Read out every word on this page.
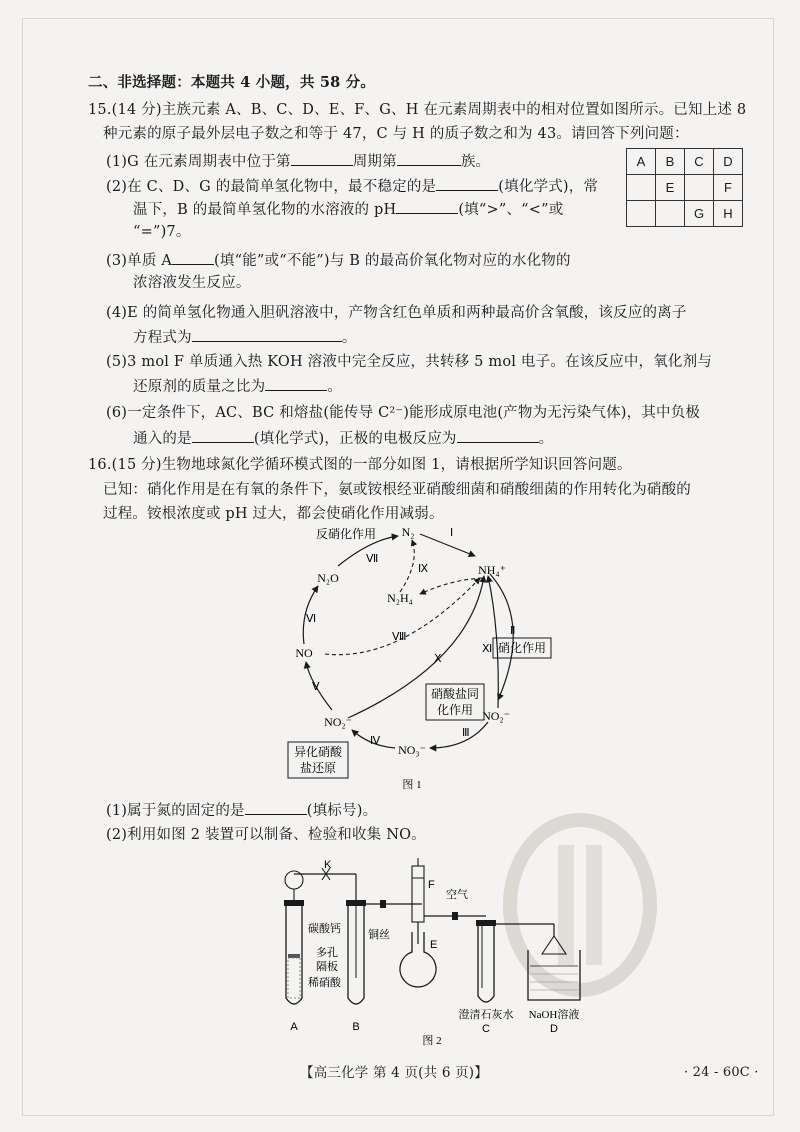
二、非选择题：本题共 4 小题，共 58 分。
15.(14 分)主族元素 A、B、C、D、E、F、G、H 在元素周期表中的相对位置如图所示。已知上述 8
种元素的原子最外层电子数之和等于 47，C 与 H 的质子数之和为 43。请回答下列问题：
(1)G 在元素周期表中位于第	周期第	族。
(2)在 C、D、G 的最简单氢化物中，最不稳定的是	(填化学式)，常
温下，B 的最简单氢化物的水溶液的 pH	(填“>”、“<”或
“=”)7。
(3)单质 A	(填“能”或“不能”)与 B 的最高价氧化物对应的水化物的
浓溶液发生反应。
A	B	C	D
	E		F
		G	H
(4)E 的简单氢化物通入胆矾溶液中，产物含红色单质和两种最高价含氧酸，该反应的离子
方程式为	。
(5)3 mol F 单质通入热 KOH 溶液中完全反应，共转移 5 mol 电子。在该反应中，氧化剂与
还原剂的质量之比为	。
(6)一定条件下，AC、BC 和熔盐(能传导 C²⁻)能形成原电池(产物为无污染气体)，其中负极
通入的是	(填化学式)，正极的电极反应为	。
16.(15 分)生物地球氮化学循环模式图的一部分如图 1，请根据所学知识回答问题。
已知：硝化作用是在有氧的条件下，氨或铵根经亚硝酸细菌和硝酸细菌的作用转化为硝酸的
过程。铵根浓度或 pH 过大，都会使硝化作用减弱。
N₂
NH₄⁺
N₂O
N₂H₄
NO
NO₂⁻	NO₂⁻
NO₃⁻
反硝化作用
硝化作用
硝酸盐同
化作用
异化硝酸
盐还原
Ⅰ
Ⅱ
Ⅲ
Ⅳ
Ⅴ
Ⅵ
Ⅶ
Ⅷ
Ⅸ
Ⅹ
Ⅺ
图 1
(1)属于氮的固定的是	(填标号)。
(2)利用如图 2 装置可以制备、检验和收集 NO。
K
碳酸钙
多孔
隔板
稀硝酸
铜丝
F
空气
E
澄清石灰水 NaOH溶液
A	B	C	D
图 2
【高三化学 第 4 页(共 6 页)】	· 24 - 60C ·
